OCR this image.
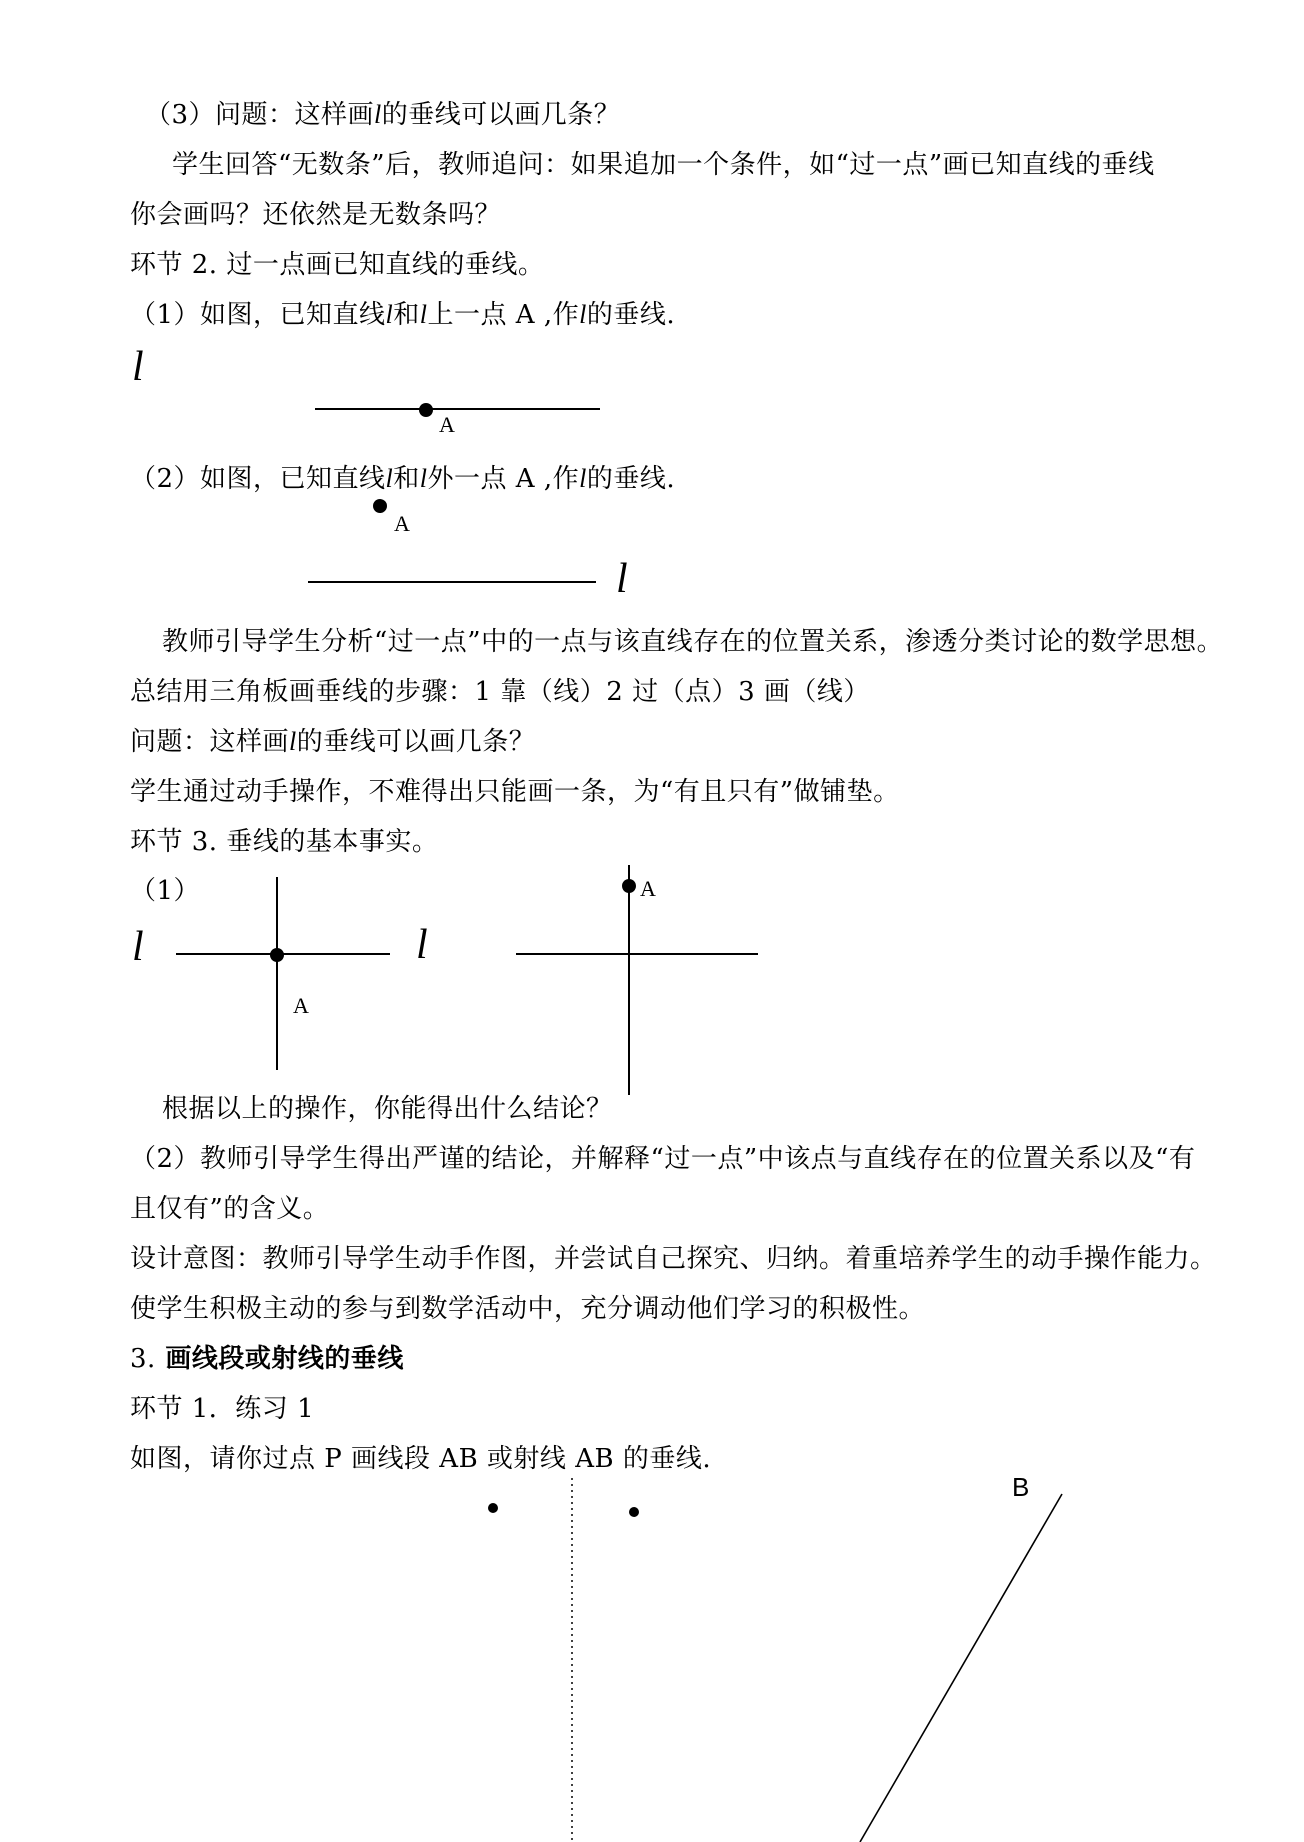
（3）问题：这样画l的垂线可以画几条？
学生回答“无数条”后，教师追问：如果追加一个条件，如“过一点”画已知直线的垂线
你会画吗？还依然是无数条吗？
环节 2. 过一点画已知直线的垂线。
（1）如图，已知直线l和l上一点 A ,作l的垂线.
（2）如图，已知直线l和l外一点 A ,作l的垂线.
教师引导学生分析“过一点”中的一点与该直线存在的位置关系，渗透分类讨论的数学思想。
总结用三角板画垂线的步骤：1 靠（线）2 过（点）3 画（线）
问题：这样画l的垂线可以画几条？
学生通过动手操作，不难得出只能画一条，为“有且只有”做铺垫。
环节 3. 垂线的基本事实。
（1）
根据以上的操作，你能得出什么结论？
（2）教师引导学生得出严谨的结论，并解释“过一点”中该点与直线存在的位置关系以及“有
且仅有”的含义。
设计意图：教师引导学生动手作图，并尝试自己探究、归纳。着重培养学生的动手操作能力。
使学生积极主动的参与到数学活动中，充分调动他们学习的积极性。
3. 画线段或射线的垂线
环节 1．练习 1
如图，请你过点 P 画线段 AB 或射线 AB 的垂线.
l
A
A
l
l
A
l
A
B
